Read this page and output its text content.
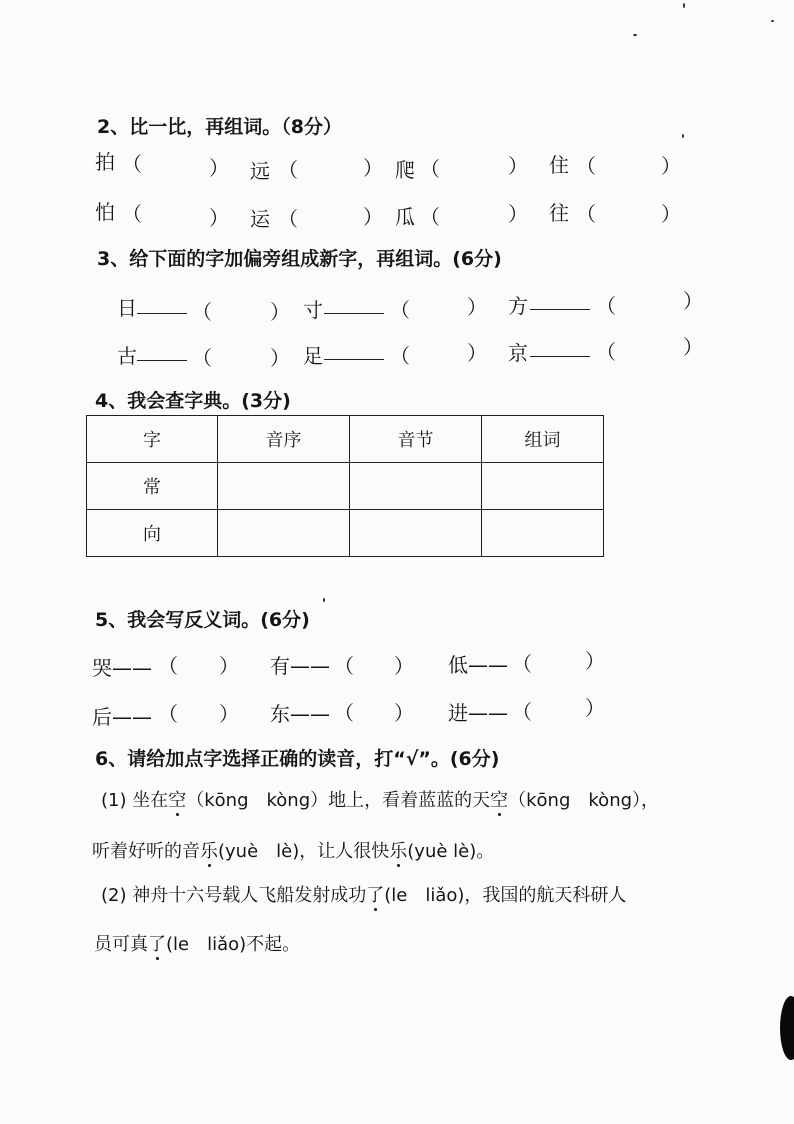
2、比一比，再组词。（8分）
拍 （	） 远 （	） 爬 （	） 住 （	）
怕 （	） 运 （	） 瓜 （	） 往 （	）
3、给下面的字加偏旁组成新字，再组词。(6分)
日	（	） 寸	（	） 方	（	）
古	（	） 足	（	） 京	（	）
4、我会查字典。(3分)
字	音序	音节	组词
常			
向			
5、我会写反义词。(6分)
哭—— （ ） 有—— （ ） 低—— （	）
后—— （ ） 东—— （ ） 进—— （	）
6、请给加点字选择正确的读音，打“√”。(6分)
(1) 坐在空（kōng　kòng）地上，看着蓝蓝的天空（kōng　kòng），
听着好听的音乐(yuè　lè)，让人很快乐(yuè lè)。
(2) 神舟十六号载人飞船发射成功了(le　liǎo)，我国的航天科研人
员可真了(le　liǎo)不起。
